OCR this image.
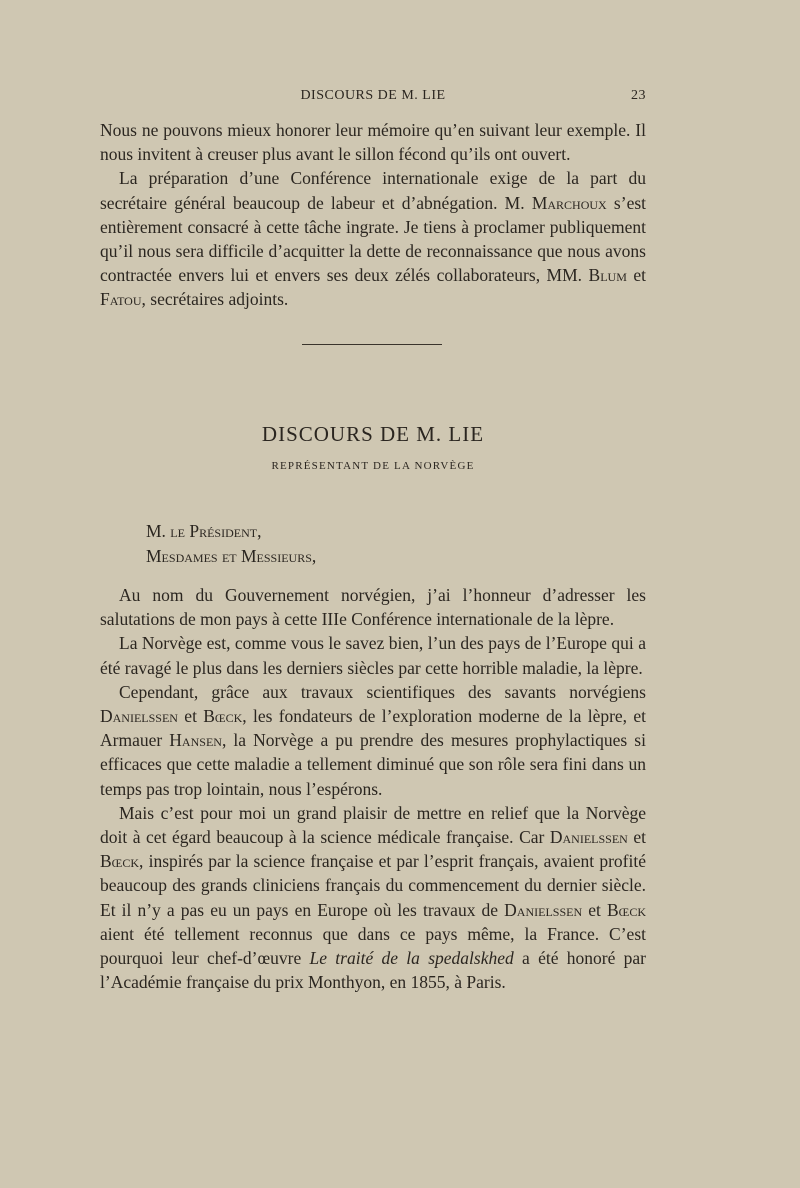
DISCOURS DE M. LIE	23

Nous ne pouvons mieux honorer leur mémoire qu’en suivant leur exemple. Il nous invitent à creuser plus avant le sillon fécond qu’ils ont ouvert.

La préparation d’une Conférence internationale exige de la part du secrétaire général beaucoup de labeur et d’abnégation. M. Marchoux s’est entièrement consacré à cette tâche ingrate. Je tiens à proclamer publiquement qu’il nous sera difficile d’acquitter la dette de reconnaissance que nous avons contractée envers lui et envers ses deux zélés collaborateurs, MM. Blum et Fatou, secrétaires adjoints.

DISCOURS DE M. LIE
REPRÉSENTANT DE LA NORVÈGE
M. le Président,
Mesdames et Messieurs,

Au nom du Gouvernement norvégien, j’ai l’honneur d’adresser les salutations de mon pays à cette IIIe Conférence internationale de la lèpre.

La Norvège est, comme vous le savez bien, l’un des pays de l’Europe qui a été ravagé le plus dans les derniers siècles par cette horrible maladie, la lèpre.

Cependant, grâce aux travaux scientifiques des savants norvégiens Danielssen et Bœck, les fondateurs de l’exploration moderne de la lèpre, et Armauer Hansen, la Norvège a pu prendre des mesures prophylactiques si efficaces que cette maladie a tellement diminué que son rôle sera fini dans un temps pas trop lointain, nous l’espérons.

Mais c’est pour moi un grand plaisir de mettre en relief que la Norvège doit à cet égard beaucoup à la science médicale française. Car Danielssen et Bœck, inspirés par la science française et par l’esprit français, avaient profité beaucoup des grands cliniciens français du commencement du dernier siècle. Et il n’y a pas eu un pays en Europe où les travaux de Danielssen et Bœck aient été tellement reconnus que dans ce pays même, la France. C’est pourquoi leur chef-d’œuvre Le traité de la spedalskhed a été honoré par l’Académie française du prix Monthyon, en 1855, à Paris.
